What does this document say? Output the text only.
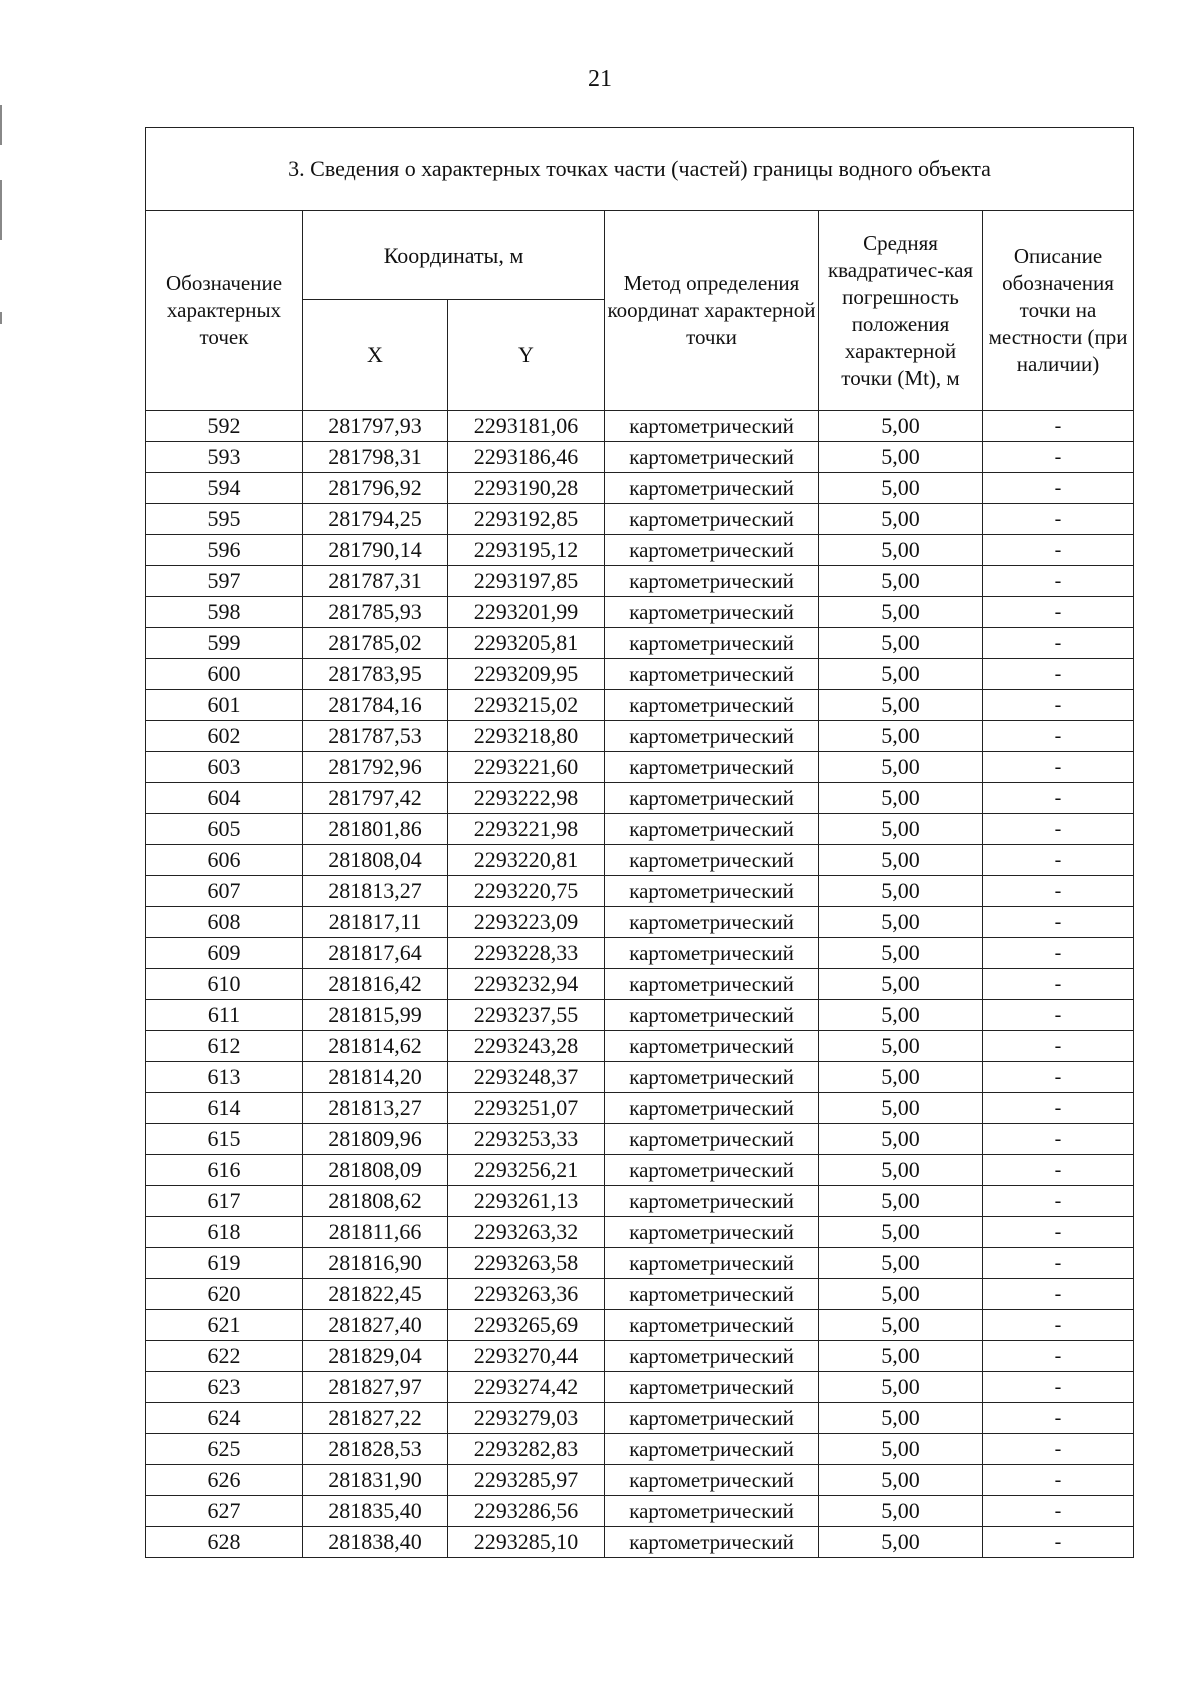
21
3. Сведения о характерных точках части (частей) границы водного объекта					
Обозначение характерных точек	Координаты, м		Метод определения координат характерной точки	Средняя квадратичес-кая погрешность положения характерной точки (Mt), м	Описание обозначения точки на местности (при наличии)
	X	Y			
592	281797,93	2293181,06	картометрический	5,00	-
593	281798,31	2293186,46	картометрический	5,00	-
594	281796,92	2293190,28	картометрический	5,00	-
595	281794,25	2293192,85	картометрический	5,00	-
596	281790,14	2293195,12	картометрический	5,00	-
597	281787,31	2293197,85	картометрический	5,00	-
598	281785,93	2293201,99	картометрический	5,00	-
599	281785,02	2293205,81	картометрический	5,00	-
600	281783,95	2293209,95	картометрический	5,00	-
601	281784,16	2293215,02	картометрический	5,00	-
602	281787,53	2293218,80	картометрический	5,00	-
603	281792,96	2293221,60	картометрический	5,00	-
604	281797,42	2293222,98	картометрический	5,00	-
605	281801,86	2293221,98	картометрический	5,00	-
606	281808,04	2293220,81	картометрический	5,00	-
607	281813,27	2293220,75	картометрический	5,00	-
608	281817,11	2293223,09	картометрический	5,00	-
609	281817,64	2293228,33	картометрический	5,00	-
610	281816,42	2293232,94	картометрический	5,00	-
611	281815,99	2293237,55	картометрический	5,00	-
612	281814,62	2293243,28	картометрический	5,00	-
613	281814,20	2293248,37	картометрический	5,00	-
614	281813,27	2293251,07	картометрический	5,00	-
615	281809,96	2293253,33	картометрический	5,00	-
616	281808,09	2293256,21	картометрический	5,00	-
617	281808,62	2293261,13	картометрический	5,00	-
618	281811,66	2293263,32	картометрический	5,00	-
619	281816,90	2293263,58	картометрический	5,00	-
620	281822,45	2293263,36	картометрический	5,00	-
621	281827,40	2293265,69	картометрический	5,00	-
622	281829,04	2293270,44	картометрический	5,00	-
623	281827,97	2293274,42	картометрический	5,00	-
624	281827,22	2293279,03	картометрический	5,00	-
625	281828,53	2293282,83	картометрический	5,00	-
626	281831,90	2293285,97	картометрический	5,00	-
627	281835,40	2293286,56	картометрический	5,00	-
628	281838,40	2293285,10	картометрический	5,00	-
